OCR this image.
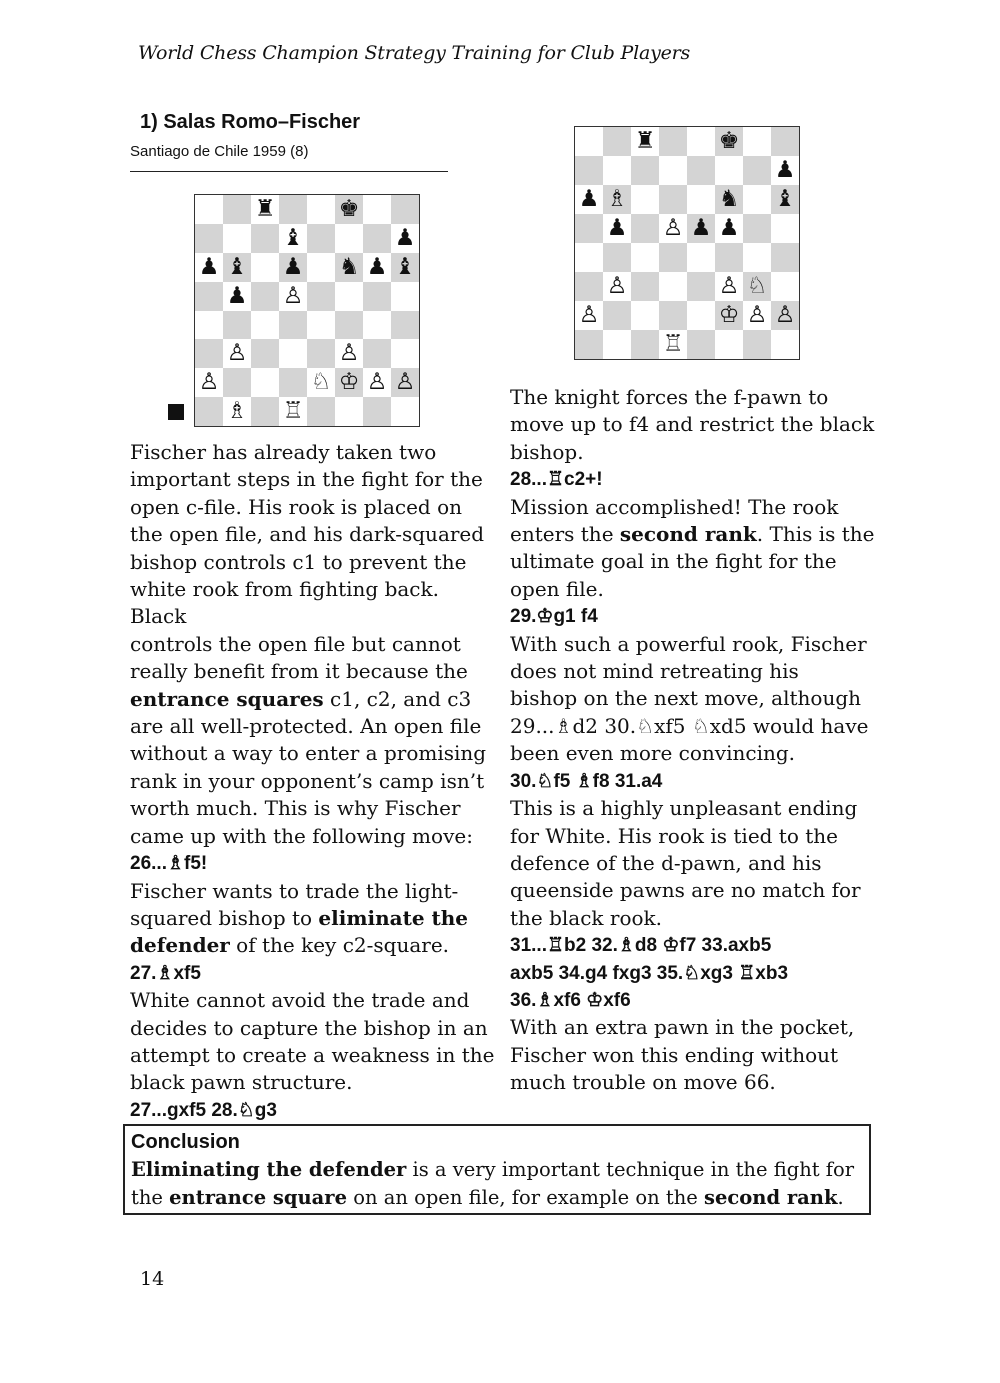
World Chess Champion Strategy Training for Club Players
1) Salas Romo–Fischer
Santiago de Chile 1959 (8)
♜	♚
♝	♟
♟ ♝ ♟ ♞ ♟ ♝
♟ ♙
♙	♙
♙	♘ ♔ ♙ ♙
♗ ♖
♜	♚
♟
♟ ♗	♞ ♝
♟ ♙ ♟ ♟
♙	♙ ♘
♙	♔ ♙ ♙
♖
Fischer has already taken two
important steps in the fight for the
open c-file. His rook is placed on
the open file, and his dark-squared
bishop controls c1 to prevent the
white rook from fighting back. Black
controls the open file but cannot
really benefit from it because the
entrance squares c1, c2, and c3
are all well-protected. An open file
without a way to enter a promising
rank in your opponent’s camp isn’t
worth much. This is why Fischer
came up with the following move:
26...♗f5!
Fischer wants to trade the light-
squared bishop to eliminate the
defender of the key c2-square.
27.♗xf5
White cannot avoid the trade and
decides to capture the bishop in an
attempt to create a weakness in the
black pawn structure.
27...gxf5 28.♘g3
The knight forces the f-pawn to
move up to f4 and restrict the black
bishop.
28...♖c2+!
Mission accomplished! The rook
enters the second rank. This is the
ultimate goal in the fight for the
open file.
29.♔g1 f4
With such a powerful rook, Fischer
does not mind retreating his
bishop on the next move, although
29...♗d2 30.♘xf5 ♘xd5 would have
been even more convincing.
30.♘f5 ♗f8 31.a4
This is a highly unpleasant ending
for White. His rook is tied to the
defence of the d-pawn, and his
queenside pawns are no match for
the black rook.
31...♖b2 32.♗d8 ♔f7 33.axb5
axb5 34.g4 fxg3 35.♘xg3 ♖xb3
36.♗xf6 ♔xf6
With an extra pawn in the pocket,
Fischer won this ending without
much trouble on move 66.
Conclusion
Eliminating the defender is a very important technique in the fight for
the entrance square on an open file, for example on the second rank.
14
